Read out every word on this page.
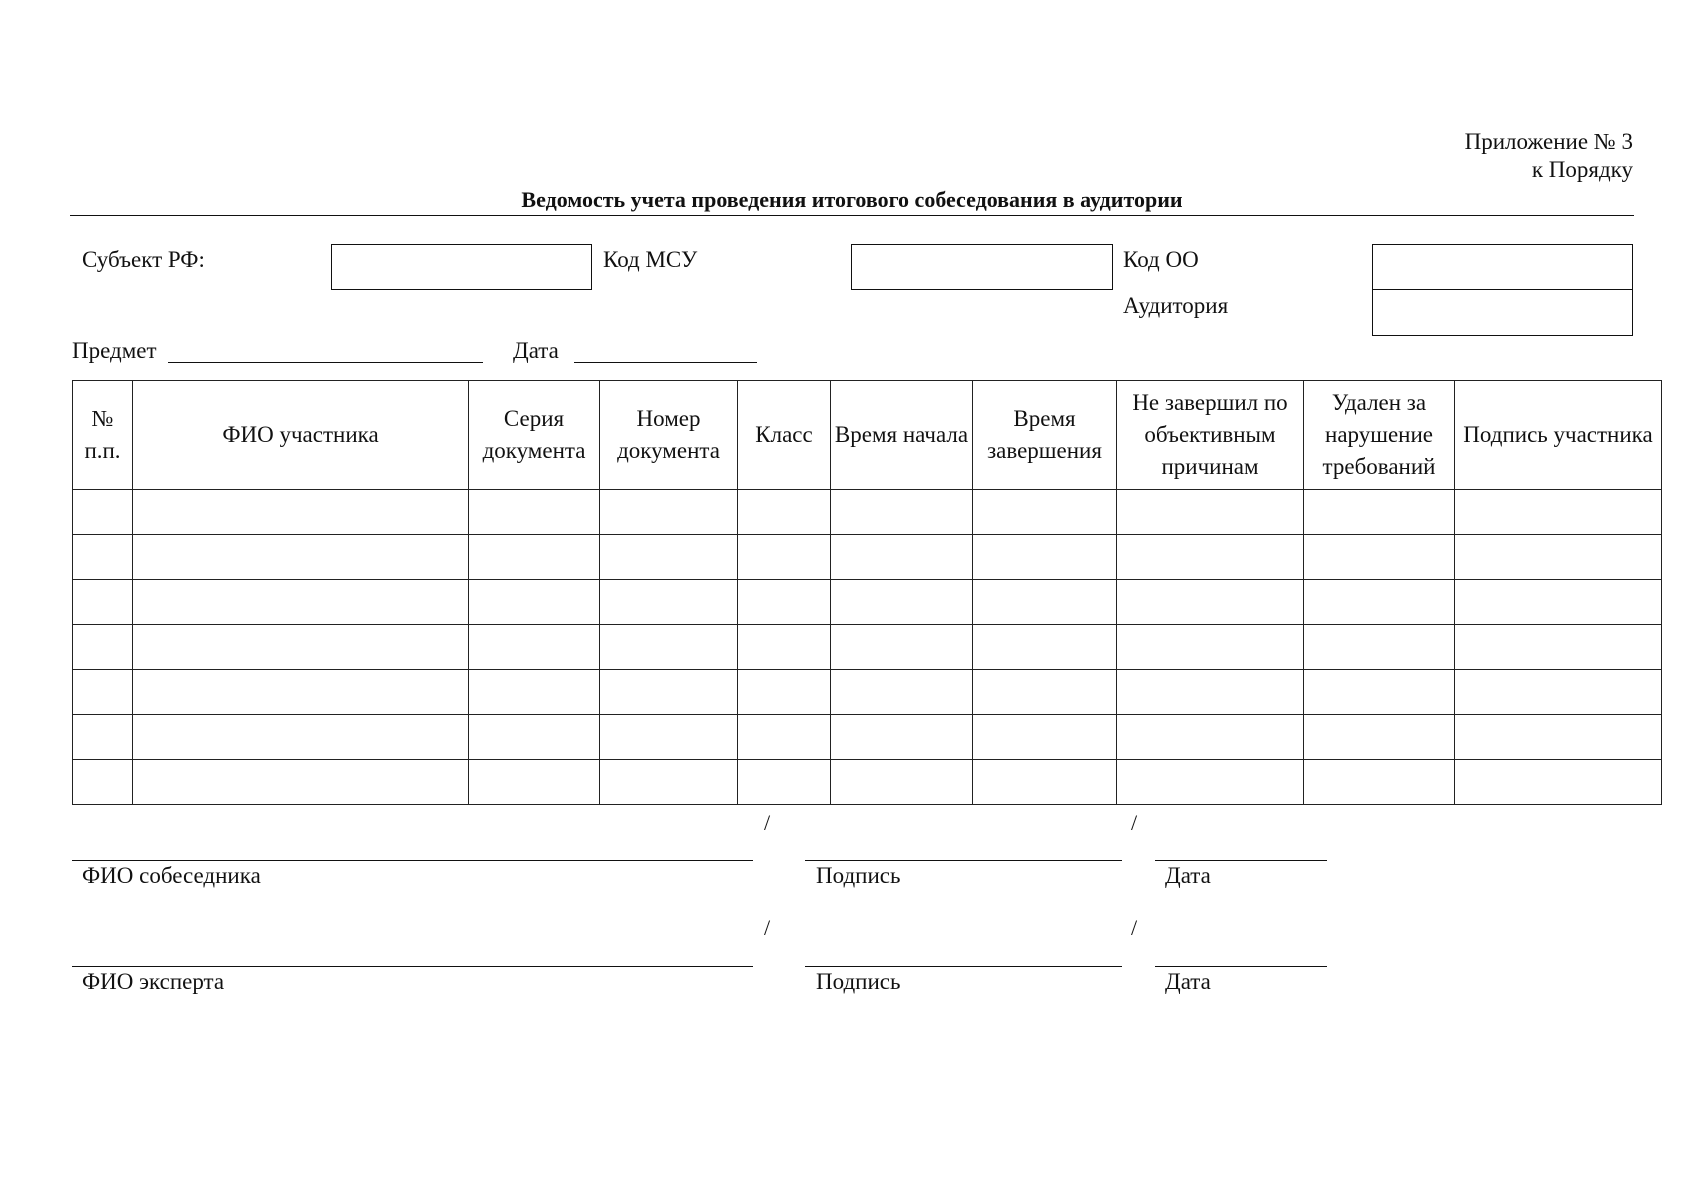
Приложение № 3
к Порядку
Ведомость учета проведения итогового собеседования в аудитории
Субъект РФ:	Код МСУ	Код ОО
Аудитория
Предмет	Дата
№ п.п.	ФИО участника	Серия документа	Номер документа	Класс	Время начала	Время завершения	Не завершил по объективным причинам	Удален за нарушение требований	Подпись участника

/	/
ФИО собеседника	Подпись	Дата
/	/
ФИО эксперта	Подпись	Дата
